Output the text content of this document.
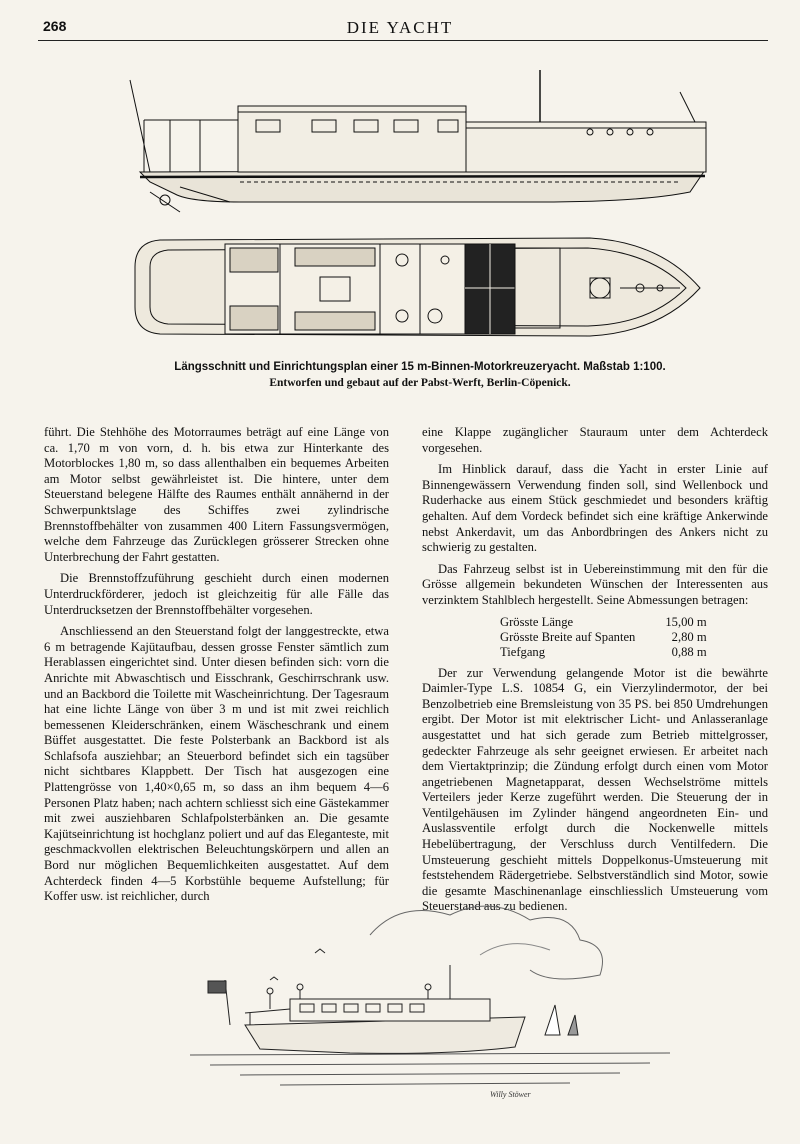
268	DIE YACHT
Längsschnitt und Einrichtungsplan einer 15 m-Binnen-Motorkreuzeryacht. Maßstab 1:100.
Entworfen und gebaut auf der Pabst-Werft, Berlin-Cöpenick.

führt. Die Stehhöhe des Motorraumes beträgt auf eine Länge von ca. 1,70 m von vorn, d. h. bis etwa zur Hinterkante des Motorblockes 1,80 m, so dass allenthalben ein bequemes Arbeiten am Motor selbst gewährleistet ist. Die hintere, unter dem Steuerstand belegene Hälfte des Raumes enthält annähernd in der Schwerpunktslage des Schiffes zwei zylindrische Brennstoffbehälter von zusammen 400 Litern Fassungsvermögen, welche dem Fahrzeuge das Zurücklegen grösserer Strecken ohne Unterbrechung der Fahrt gestatten.

Die Brennstoffzuführung geschieht durch einen modernen Unterdruckförderer, jedoch ist gleichzeitig für alle Fälle das Unterdrucksetzen der Brennstoffbehälter vorgesehen.

Anschliessend an den Steuerstand folgt der langgestreckte, etwa 6 m betragende Kajütaufbau, dessen grosse Fenster sämtlich zum Herablassen eingerichtet sind. Unter diesen befinden sich: vorn die Anrichte mit Abwaschtisch und Eisschrank, Geschirrschrank usw. und an Backbord die Toilette mit Wascheinrichtung. Der Tagesraum hat eine lichte Länge von über 3 m und ist mit zwei reichlich bemessenen Kleiderschränken, einem Wäscheschrank und einem Büffet ausgestattet. Die feste Polsterbank an Backbord ist als Schlafsofa ausziehbar; an Steuerbord befindet sich ein tagsüber nicht sichtbares Klappbett. Der Tisch hat ausgezogen eine Plattengrösse von 1,40×0,65 m, so dass an ihm bequem 4—6 Personen Platz haben; nach achtern schliesst sich eine Gästekammer mit zwei ausziehbaren Schlafpolsterbänken an. Die gesamte Kajütseinrichtung ist hochglanz poliert und auf das Eleganteste, mit geschmackvollen elektrischen Beleuchtungskörpern und allen an Bord nur möglichen Bequemlichkeiten ausgestattet. Auf dem Achterdeck finden 4—5 Korbstühle bequeme Aufstellung; für Koffer usw. ist reichlicher, durch

eine Klappe zugänglicher Stauraum unter dem Achterdeck vorgesehen.

Im Hinblick darauf, dass die Yacht in erster Linie auf Binnengewässern Verwendung finden soll, sind Wellenbock und Ruderhacke aus einem Stück geschmiedet und besonders kräftig gehalten. Auf dem Vordeck befindet sich eine kräftige Ankerwinde nebst Ankerdavit, um das Anbordbringen des Ankers nicht zu schwierig zu gestalten.

Das Fahrzeug selbst ist in Uebereinstimmung mit den für die Grösse allgemein bekundeten Wünschen der Interessenten aus verzinktem Stahlblech hergestellt. Seine Abmessungen betragen:

Grösste Länge	15,00 m
Grösste Breite auf Spanten	2,80 m
Tiefgang	0,88 m

Der zur Verwendung gelangende Motor ist die bewährte Daimler-Type L.S. 10854 G, ein Vierzylindermotor, der bei Benzolbetrieb eine Bremsleistung von 35 PS. bei 850 Umdrehungen ergibt. Der Motor ist mit elektrischer Licht- und Anlasseranlage ausgestattet und hat sich gerade zum Betrieb mittelgrosser, gedeckter Fahrzeuge als sehr geeignet erwiesen. Er arbeitet nach dem Viertaktprinzip; die Zündung erfolgt durch einen vom Motor angetriebenen Magnetapparat, dessen Wechselströme mittels Verteilers jeder Kerze zugeführt werden. Die Steuerung der in Ventilgehäusen im Zylinder hängend angeordneten Ein- und Auslassventile erfolgt durch die Nockenwelle mittels Hebelübertragung, der Verschluss durch Ventilfedern. Die Umsteuerung geschieht mittels Doppelkonus-Umsteuerung mit feststehendem Rädergetriebe. Selbstverständlich sind Motor, sowie die gesamte Maschinenanlage einschliesslich Umsteuerung vom Steuerstand aus zu bedienen.

Willy Stöwer
